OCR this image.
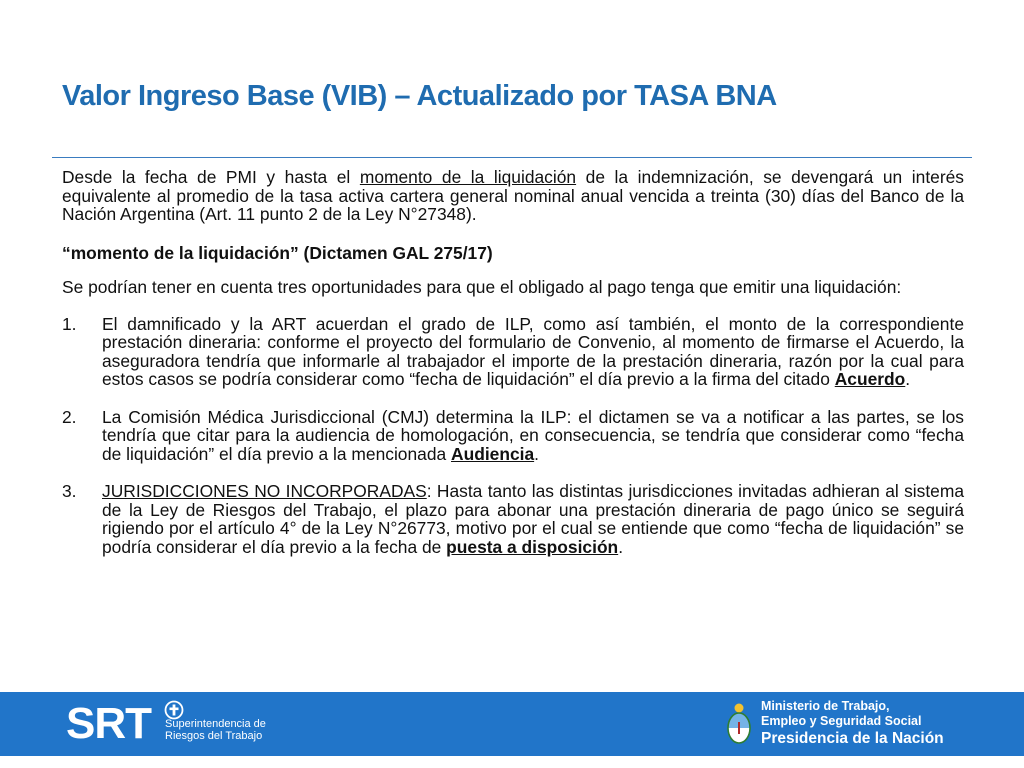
Valor Ingreso Base (VIB) – Actualizado por TASA BNA

Desde la fecha de PMI y hasta el momento de la liquidación de la indemnización, se devengará un interés equivalente al promedio de la tasa activa cartera general nominal anual vencida a treinta (30) días del Banco de la Nación Argentina (Art. 11 punto 2 de la Ley N°27348).

“momento de la liquidación” (Dictamen GAL 275/17)

Se podrían tener en cuenta tres oportunidades para que el obligado al pago tenga que emitir una liquidación:

1.	El damnificado y la ART acuerdan el grado de ILP, como así también, el monto de la correspondiente prestación dineraria: conforme el proyecto del formulario de Convenio, al momento de firmarse el Acuerdo, la aseguradora tendría que informarle al trabajador el importe de la prestación dineraria, razón por la cual para estos casos se podría considerar como “fecha de liquidación” el día previo a la firma del citado Acuerdo.
2.	La Comisión Médica Jurisdiccional (CMJ) determina la ILP: el dictamen se va a notificar a las partes, se los tendría que citar para la audiencia de homologación, en consecuencia, se tendría que considerar como “fecha de liquidación” el día previo a la mencionada Audiencia.
3.	JURISDICCIONES NO INCORPORADAS: Hasta tanto las distintas jurisdicciones invitadas adhieran al sistema de la Ley de Riesgos del Trabajo, el plazo para abonar una prestación dineraria de pago único se seguirá rigiendo por el artículo 4° de la Ley N°26773, motivo por el cual se entiende que como “fecha de liquidación” se podría considerar el día previo a la fecha de puesta a disposición.
SRT Superintendencia de
Riesgos del Trabajo
Ministerio de Trabajo,
Empleo y Seguridad Social
Presidencia de la Nación
